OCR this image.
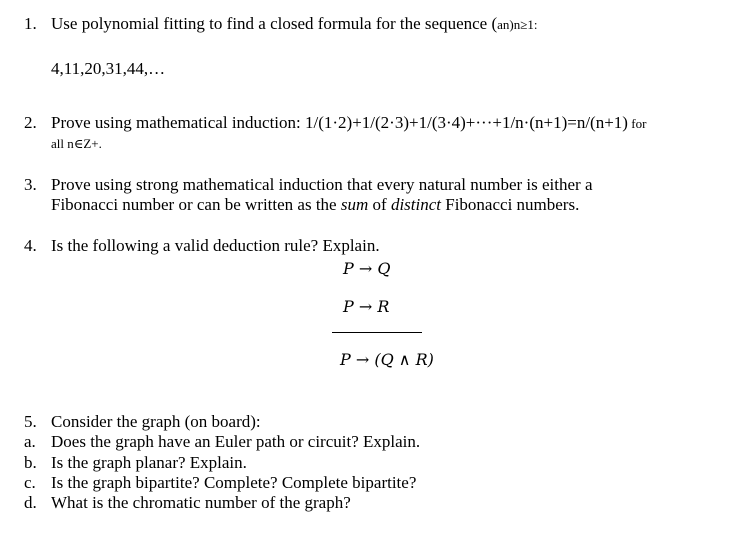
1. Use polynomial fitting to find a closed formula for the sequence (an)n≥1:
4,11,20,31,44,…
2. Prove using mathematical induction: 1/(1·2)+1/(2·3)+1/(3·4)+···+1/n·(n+1)=n/(n+1) for
all n∈Z+.
3. Prove using strong mathematical induction that every natural number is either a
Fibonacci number or can be written as the sum of distinct Fibonacci numbers.
4. Is the following a valid deduction rule? Explain.
P → Q
P → R
P → (Q ∧ R)
5. Consider the graph (on board):
a. Does the graph have an Euler path or circuit? Explain.
b. Is the graph planar? Explain.
c. Is the graph bipartite? Complete? Complete bipartite?
d. What is the chromatic number of the graph?
